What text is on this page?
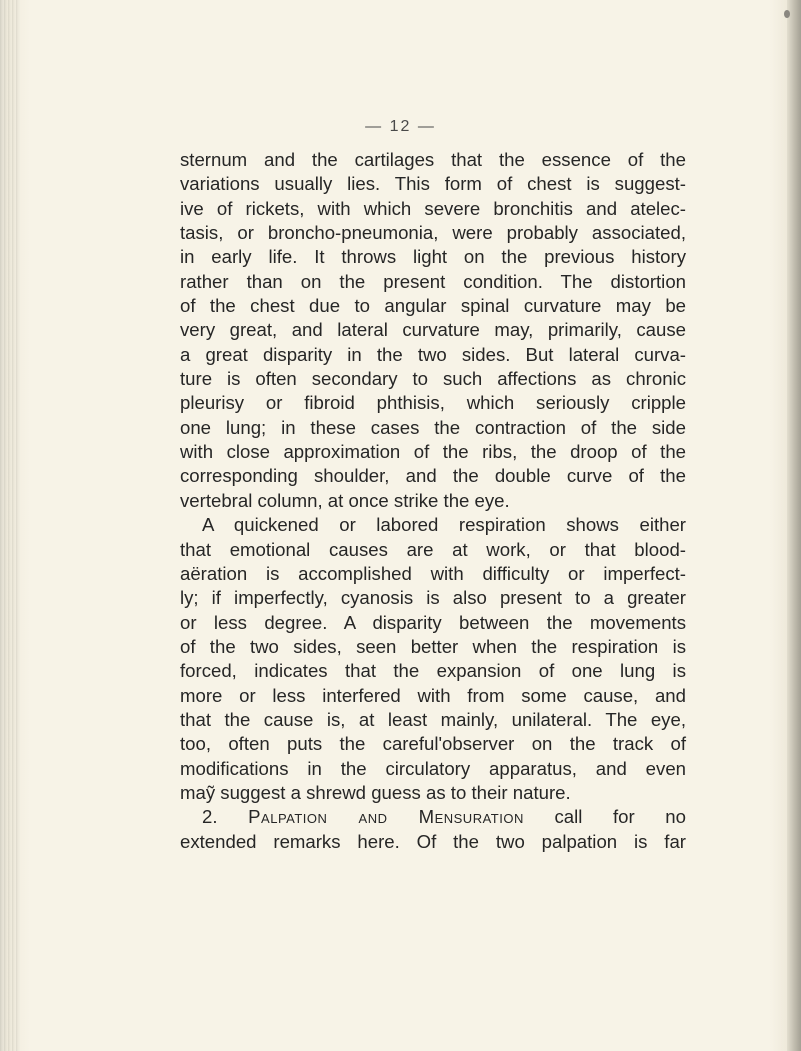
— 12 —
sternum and the cartilages that the essence of the
variations usually lies. This form of chest is suggest-
ive of rickets, with which severe bronchitis and atelec-
tasis, or broncho-pneumonia, were probably associated,
in early life. It throws light on the previous history
rather than on the present condition. The distortion
of the chest due to angular spinal curvature may be
very great, and lateral curvature may, primarily, cause
a great disparity in the two sides. But lateral curva-
ture is often secondary to such affections as chronic
pleurisy or fibroid phthisis, which seriously cripple
one lung; in these cases the contraction of the side
with close approximation of the ribs, the droop of the
corresponding shoulder, and the double curve of the
vertebral column, at once strike the eye.
A quickened or labored respiration shows either
that emotional causes are at work, or that blood-
aëration is accomplished with difficulty or imperfect-
ly; if imperfectly, cyanosis is also present to a greater
or less degree. A disparity between the movements
of the two sides, seen better when the respiration is
forced, indicates that the expansion of one lung is
more or less interfered with from some cause, and
that the cause is, at least mainly, unilateral. The eye,
too, often puts the careful'observer on the track of
modifications in the circulatory apparatus, and even
maỹ suggest a shrewd guess as to their nature.
2. Palpation and Mensuration call for no
extended remarks here. Of the two palpation is far
